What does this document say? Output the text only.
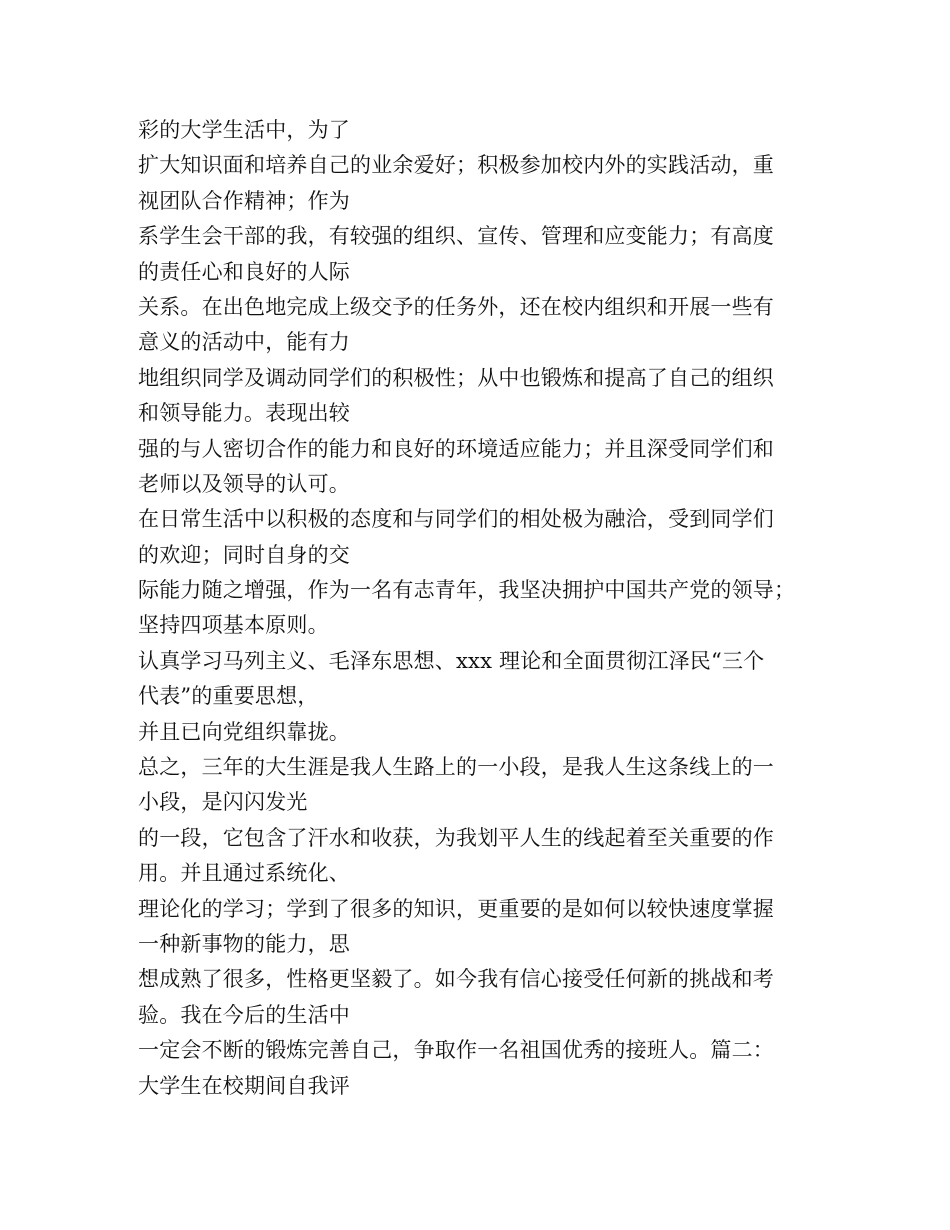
彩的大学生活中，为了
扩大知识面和培养自己的业余爱好；积极参加校内外的实践活动，重
视团队合作精神；作为
系学生会干部的我，有较强的组织、宣传、管理和应变能力；有高度
的责任心和良好的人际
关系。在出色地完成上级交予的任务外，还在校内组织和开展一些有
意义的活动中，能有力
地组织同学及调动同学们的积极性；从中也锻炼和提高了自己的组织
和领导能力。表现出较
强的与人密切合作的能力和良好的环境适应能力；并且深受同学们和
老师以及领导的认可。
在日常生活中以积极的态度和与同学们的相处极为融洽，受到同学们
的欢迎；同时自身的交
际能力随之增强，作为一名有志青年，我坚决拥护中国共产党的领导；
坚持四项基本原则。
认真学习马列主义、毛泽东思想、xxx 理论和全面贯彻江泽民“三个
代表”的重要思想，
并且已向党组织靠拢。
总之，三年的大生涯是我人生路上的一小段，是我人生这条线上的一
小段，是闪闪发光
的一段，它包含了汗水和收获，为我划平人生的线起着至关重要的作
用。并且通过系统化、
理论化的学习；学到了很多的知识，更重要的是如何以较快速度掌握
一种新事物的能力，思
想成熟了很多，性格更坚毅了。如今我有信心接受任何新的挑战和考
验。我在今后的生活中
一定会不断的锻炼完善自己，争取作一名祖国优秀的接班人。篇二：
大学生在校期间自我评
